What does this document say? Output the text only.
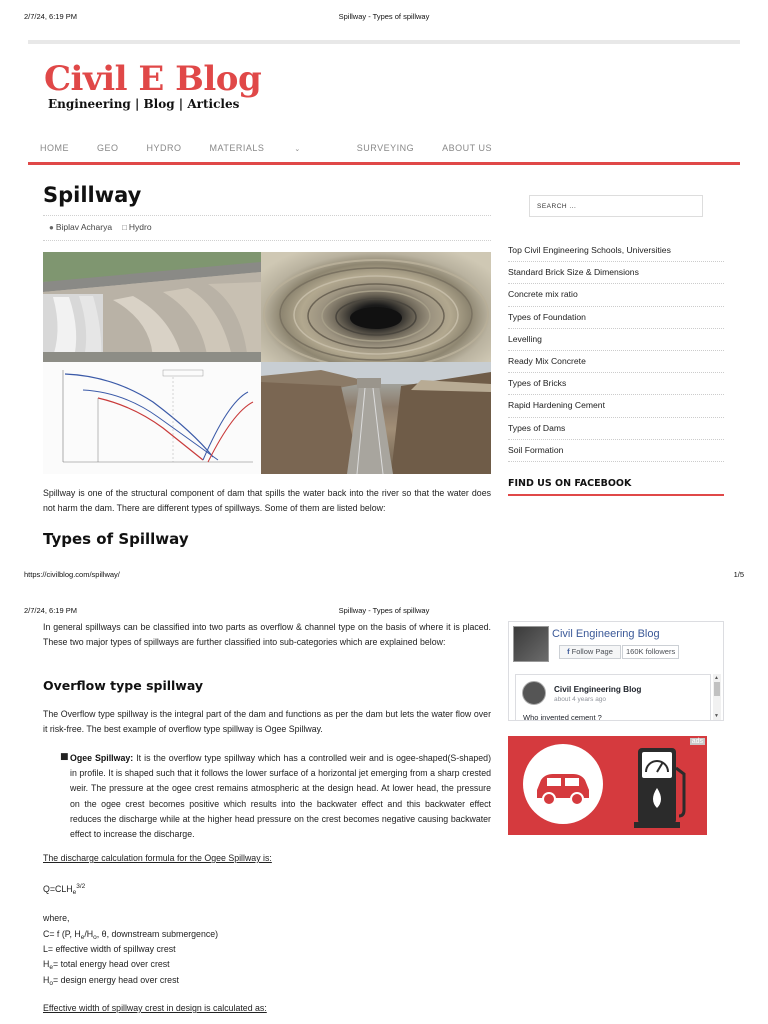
2/7/24, 6:19 PM	Spillway - Types of spillway
Civil E Blog
Engineering | Blog | Articles
HOME	GEO	HYDRO	MATERIALS	⌄	SURVEYING	ABOUT US
Spillway
● Biplav Acharya □ Hydro
Spillway is one of the structural component of dam that spills the water back into the river so that the water does not harm the dam. There are different types of spillways. Some of them are listed below:
Types of Spillway
SEARCH ...
Top Civil Engineering Schools, Universities
Standard Brick Size & Dimensions
Concrete mix ratio
Types of Foundation
Levelling
Ready Mix Concrete
Types of Bricks
Rapid Hardening Cement
Types of Dams
Soil Formation
FIND US ON FACEBOOK
https://civilblog.com/spillway/	1/5
2/7/24, 6:19 PM	Spillway - Types of spillway
In general spillways can be classified into two parts as overflow & channel type on the basis of where it is placed. These two major types of spillways are further classified into sub-categories which are explained below:
Overflow type spillway
The Overflow type spillway is the integral part of the dam and functions as per the dam but lets the water flow over it risk-free. The best example of overflow type spillway is Ogee Spillway.
■ Ogee Spillway: It is the overflow type spillway which has a controlled weir and is ogee-shaped(S-shaped) in profile. It is shaped such that it follows the lower surface of a horizontal jet emerging from a sharp crested weir. The pressure at the ogee crest remains atmospheric at the design head. At lower head, the pressure on the ogee crest becomes positive which results into the backwater effect and this backwater effect reduces the discharge while at the higher head pressure on the crest becomes negative causing backwater effect to increase the discharge.
The discharge calculation formula for the Ogee Spillway is:
$Q=CLH_e^{3/2}$
where,
C= f (P, $H_e/H_o$, θ, downstream submergence)
L= effective width of spillway crest
$H_e=$ total energy head over crest
$H_o=$ design energy head over crest
Effective width of spillway crest in design is calculated as:
Civil Engineering Blog
f Follow Page	160K followers
Civil Engineering Blog
about 4 years ago
Who invented cement ?
▲
▼
ads
